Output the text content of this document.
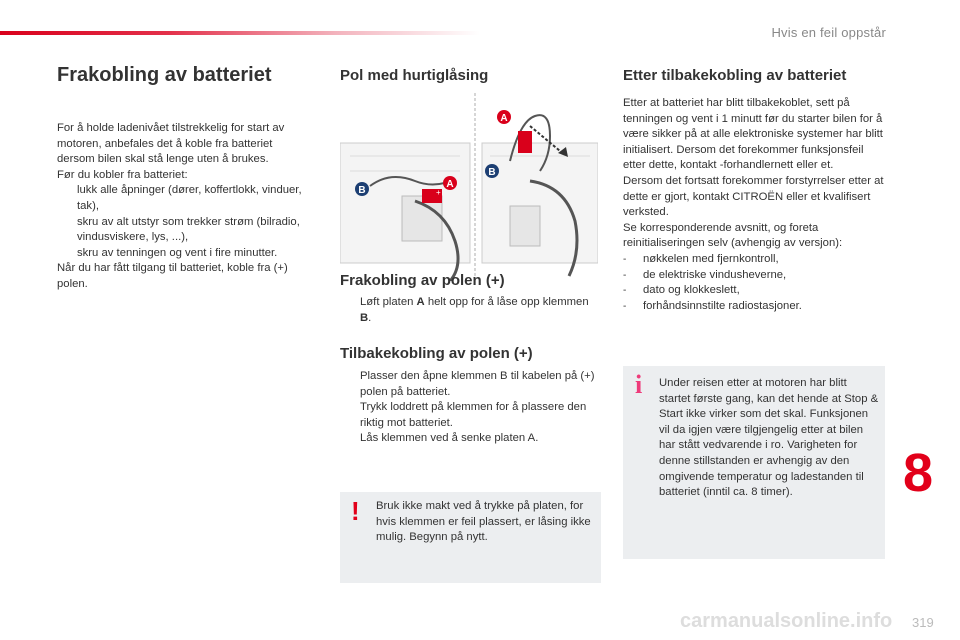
Hvis en feil oppstår
Frakobling av batteriet

For å holde ladenivået tilstrekkelig for start av motoren, anbefales det å koble fra batteriet dersom bilen skal stå lenge uten å brukes.

Før du kobler fra batteriet:

lukk alle åpninger (dører, koffertlokk, vinduer, tak),
skru av alt utstyr som trekker strøm (bilradio, vindusviskere, lys, ...),
skru av tenningen og vent i fire minutter.

Når du har fått tilgang til batteriet, koble fra (+) polen.

Pol med hurtiglåsing
A
B
A
B
+
Frakobling av polen (+)
Løft platen A helt opp for å låse opp klemmen B.
Tilbakekobling av polen (+)
Plasser den åpne klemmen B til kabelen på (+) polen på batteriet.
Trykk loddrett på klemmen for å plassere den riktig mot batteriet.
Lås klemmen ved å senke platen A.
! Bruk ikke makt ved å trykke på platen, for hvis klemmen er feil plassert, er låsing ikke mulig. Begynn på nytt.
Etter tilbakekobling av batteriet

Etter at batteriet har blitt tilbakekoblet, sett på tenningen og vent i 1 minutt før du starter bilen for å være sikker på at alle elektroniske systemer har blitt initialisert. Dersom det forekommer funksjonsfeil etter dette, kontakt -forhandlernett eller et.

Dersom det fortsatt forekommer forstyrrelser etter at dette er gjort, kontakt CITROËN eller et kvalifisert verksted.

Se korresponderende avsnitt, og foreta reinitialiseringen selv (avhengig av versjon):

-	nøkkelen med fjernkontroll,
-	de elektriske vindusheverne,
-	dato og klokkeslett,
-	forhåndsinnstilte radiostasjoner.
i Under reisen etter at motoren har blitt startet første gang, kan det hende at Stop & Start ikke virker som det skal. Funksjonen vil da igjen være tilgjengelig etter at bilen har stått vedvarende i ro. Varigheten for denne stillstanden er avhengig av den omgivende temperatur og ladestanden til batteriet (inntil ca. 8 timer).	8
319
carmanualsonline.info
